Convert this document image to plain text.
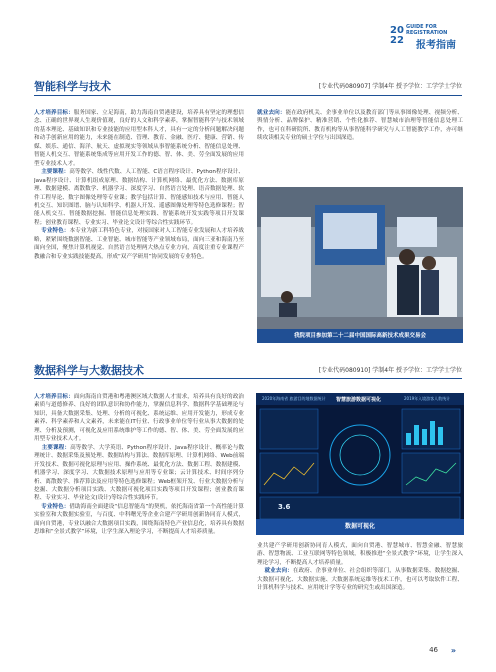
20
22
GUIDE FOR
REGISTRATION
报考指南
智能科学与技术	[专业代码080907] 学制4年 授予学位：工学学士学位
人才培养目标：服务国家、立足海南，助力海南自贸港建设，培养具有坚定的理想信念、正确的世界观人生观价值观，良好的人文和科学素养，掌握智能科学与技术领域的基本理论、基础知识和专业技能的应用型本科人才，具有一定的分析问题解决问题和动手创新应用的能力，未来能在制造、管理、教育、金融、医疗、健康、营销、传媒、娱乐、通信、海洋、航天、虚拟现实等领域从事智能系统分析、智能信息处理、智能人机交互、智能系统集成等应用开发工作的德、智、体、美、劳全面发展的应用型专业技术人才。
主要课程：高等数学、线性代数、人工智能、C语言程序设计、Python程序设计、Java程序设计、计算机组成原理、数据结构、计算机网络、最优化方法、数据库原理、数据建模、离散数学、机器学习、深度学习、自然语言处理、语音数据处理、软件工程导论、数字图像处理等专业课；教学包括计算、智能感知技术与应用、智能人机交互、知识图谱、脑与认知科学、机器人开发、遥感图像处理等特色选修课程；智能人机交互、智能数据挖掘、智能信息处理实践、智能系统开发实践等项目开发课程；创业教育课程、专业实习、毕业论文设计等综合性实践环节。
专业特色：本专业为新工科特色专业，对接国家对人工智能专业发展和人才培养战略，紧紧围绕数据智能、工业智能、城市智能等产业领域布局，面向三亚和海南乃至面向全国，聚焦计算机视觉、自然语言处理两大热点专业方向，高度注重专业课程产教融合和专业实践技能提高，形成“双产学研用”协同发展的专业特色。
就业去向：能在政府机关、企事业单位以及教育部门等从事图像处理、视频分析、舆情分析、品牌保护、精准营销、个性化推荐、智慧城市治理等智能信息处理工作，也可在科研院所、教育机构等从事智能科学研究与人工智能教学工作，亦可继续攻读相关专业的硕士学位与出国深造。
我院项目参加第二十二届中国国际高新技术成果交易会
数据科学与大数据技术	[专业代码080910] 学制4年 授予学位：工学学士学位
人才培养目标：面向海南自贸港和粤港澳区域大数据人才需求，培养具有良好的政治素质与道德修养、良好的团队意识和协作能力，掌握信息科学、数据科学基础理论与知识，具备大数据采集、处理、分析的可视化、系统运维、应用开发能力，形成专业素养、科学素养和人文素养，未来能在IT行业、行政事业单位等行业从事大数据的处理、分析及预测，可视化及应用系统维护等工作的德、智、体、美、劳全面发展的应用型专业技术人才。
主要课程：高等数学、大学英语、Python程序设计、Java程序设计、概率论与数理统计、数据采集及预处理、数据结构与算法、数据库原理、计算机网络、Web前端开发技术、数据可视化原理与应用、操作系统、最优化方法、数据工程、数据建模、机器学习、深度学习、大数据技术原理与应用等专业课；云计算技术、时间序列分析、离散数学、推荐算法及应用等特色选修课程；Web框架开发、行业大数据分析与挖掘、大数据分析项目实践、大数据可视化项目实践等项目开发课程；创业教育课程、专业实习、毕业论文(设计)等综合性实践环节。
专业特色：借助海南全面建设“信息智能岛”的契机，依托海南省第一个高性能计算实验室和大数据实验室，与百度、中科曙光等企业合建产学研用创新协同育人模式，面向自贸港，专业以融合大数据项目实践，围绕海南特色产业信息化，培养具有数据思维和“全景式教学”环境，让学生深入理论学习，不断提高人才培养质量。
2020年海南省 旅游目的地数据统计 智慧旅游数据可视化	2019年入境游客人数统计
3.6
数据可视化
业共建产学研用创新协同育人模式，面向自贸港、智慧城市、智慧金融、智慧旅游、智慧物流、工业互联网等特色领域，积极推进“全景式教学”环境，让学生深入理论学习，不断提高人才培养质量。
就业去向：在政府、企事业单位、社会组织等部门，从事数据采集、数据挖掘、大数据可视化、大数据实施、大数据系统运维等技术工作，也可以考取软件工程、计算机科学与技术、应用统计学等专业的研究生或出国深造。
46 »
